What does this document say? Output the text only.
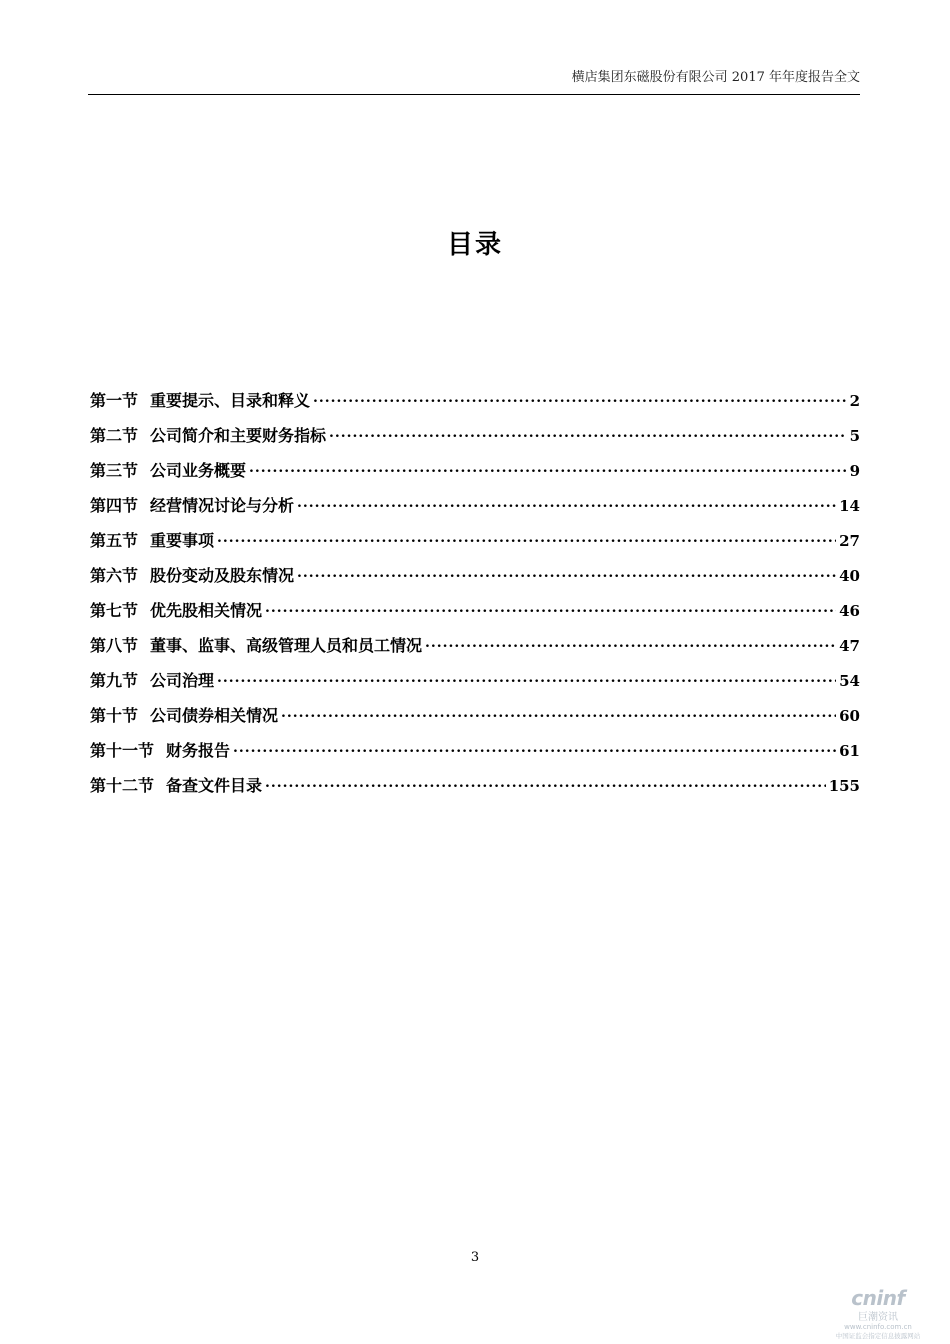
横店集团东磁股份有限公司 2017 年年度报告全文
目录
第一节 重要提示、目录和释义 .....	2
第二节 公司简介和主要财务指标 .....	5
第三节 公司业务概要 .....	9
第四节 经营情况讨论与分析 .....	14
第五节 重要事项 .....	27
第六节 股份变动及股东情况 .....	40
第七节 优先股相关情况 .....	46
第八节 董事、监事、高级管理人员和员工情况 .....	47
第九节 公司治理 .....	54
第十节 公司债券相关情况 .....	60
第十一节 财务报告 .....	61
第十二节 备查文件目录 .....	155
3
cninf
巨潮资讯
www.cninfo.com.cn
中国证监会指定信息披露网站
